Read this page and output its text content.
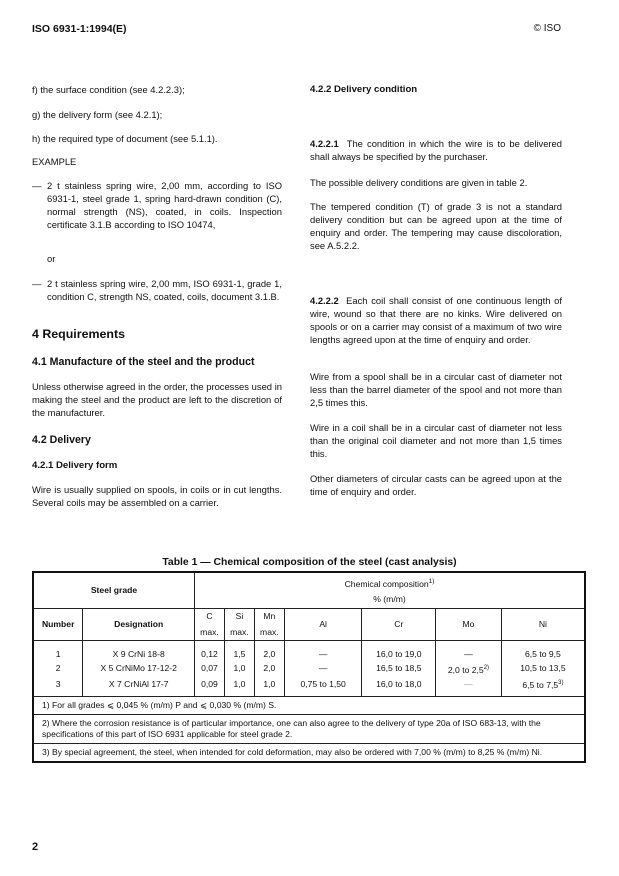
ISO 6931-1:1994(E)	© ISO

f) the surface condition (see 4.2.2.3);

g) the delivery form (see 4.2.1);

h) the required type of document (see 5.1.1).

EXAMPLE

— 2 t stainless spring wire, 2,00 mm, according to ISO 6931-1, steel grade 1, spring hard-drawn condition (C), normal strength (NS), coated, in coils. Inspection certificate 3.1.B according to ISO 10474,

or

— 2 t stainless spring wire, 2,00 mm, ISO 6931-1, grade 1, condition C, strength NS, coated, coils, document 3.1.B.

4 Requirements

4.1 Manufacture of the steel and the product

Unless otherwise agreed in the order, the processes used in making the steel and the product are left to the discretion of the manufacturer.

4.2 Delivery

4.2.1 Delivery form

Wire is usually supplied on spools, in coils or in cut lengths. Several coils may be assembled on a carrier.

4.2.2 Delivery condition

4.2.2.1 The condition in which the wire is to be delivered shall always be specified by the purchaser.

The possible delivery conditions are given in table 2.

The tempered condition (T) of grade 3 is not a standard delivery condition but can be agreed upon at the time of enquiry and order. The tempering may cause discoloration, see A.5.2.2.

4.2.2.2 Each coil shall consist of one continuous length of wire, wound so that there are no kinks. Wire delivered on spools or on a carrier may consist of a maximum of two wire lengths agreed upon at the time of enquiry and order.

Wire from a spool shall be in a circular cast of diameter not less than the barrel diameter of the spool and not more than 2,5 times this.

Wire in a coil shall be in a circular cast of diameter not less than the original coil diameter and not more than 1,5 times this.

Other diameters of circular casts can be agreed upon at the time of enquiry and order.

Table 1 — Chemical composition of the steel (cast analysis)
Steel grade		Chemical composition$^{1)}$
% (m/m)						

Number	Designation	C	Si	Mn	Al	Cr	Mo	Ni
		max.	max.	max.				
1	X 9 CrNi 18-8	0,12	1,5	2,0	—	16,0 to 19,0	—	6,5 to 9,5
2	X 5 CrNiMo 17-12-2	0,07	1,0	2,0	—	16,5 to 18,5	2,0 to 2,5$^{2)}$	10,5 to 13,5
3	X 7 CrNiAl 17-7	0,09	1,0	1,0	0,75 to 1,50	16,0 to 18,0	—	6,5 to 7,5$^{3)}$
1) For all grades ⩽ 0,045 % (m/m) P and ⩽ 0,030 % (m/m) S.								
2) Where the corrosion resistance is of particular importance, one can also agree to the delivery of type 20a of ISO 683-13, with the specifications of this part of ISO 6931 applicable for steel grade 2.								
3) By special agreement, the steel, when intended for cold deformation, may also be ordered with 7,00 % (m/m) to 8,25 % (m/m) Ni.								
2
